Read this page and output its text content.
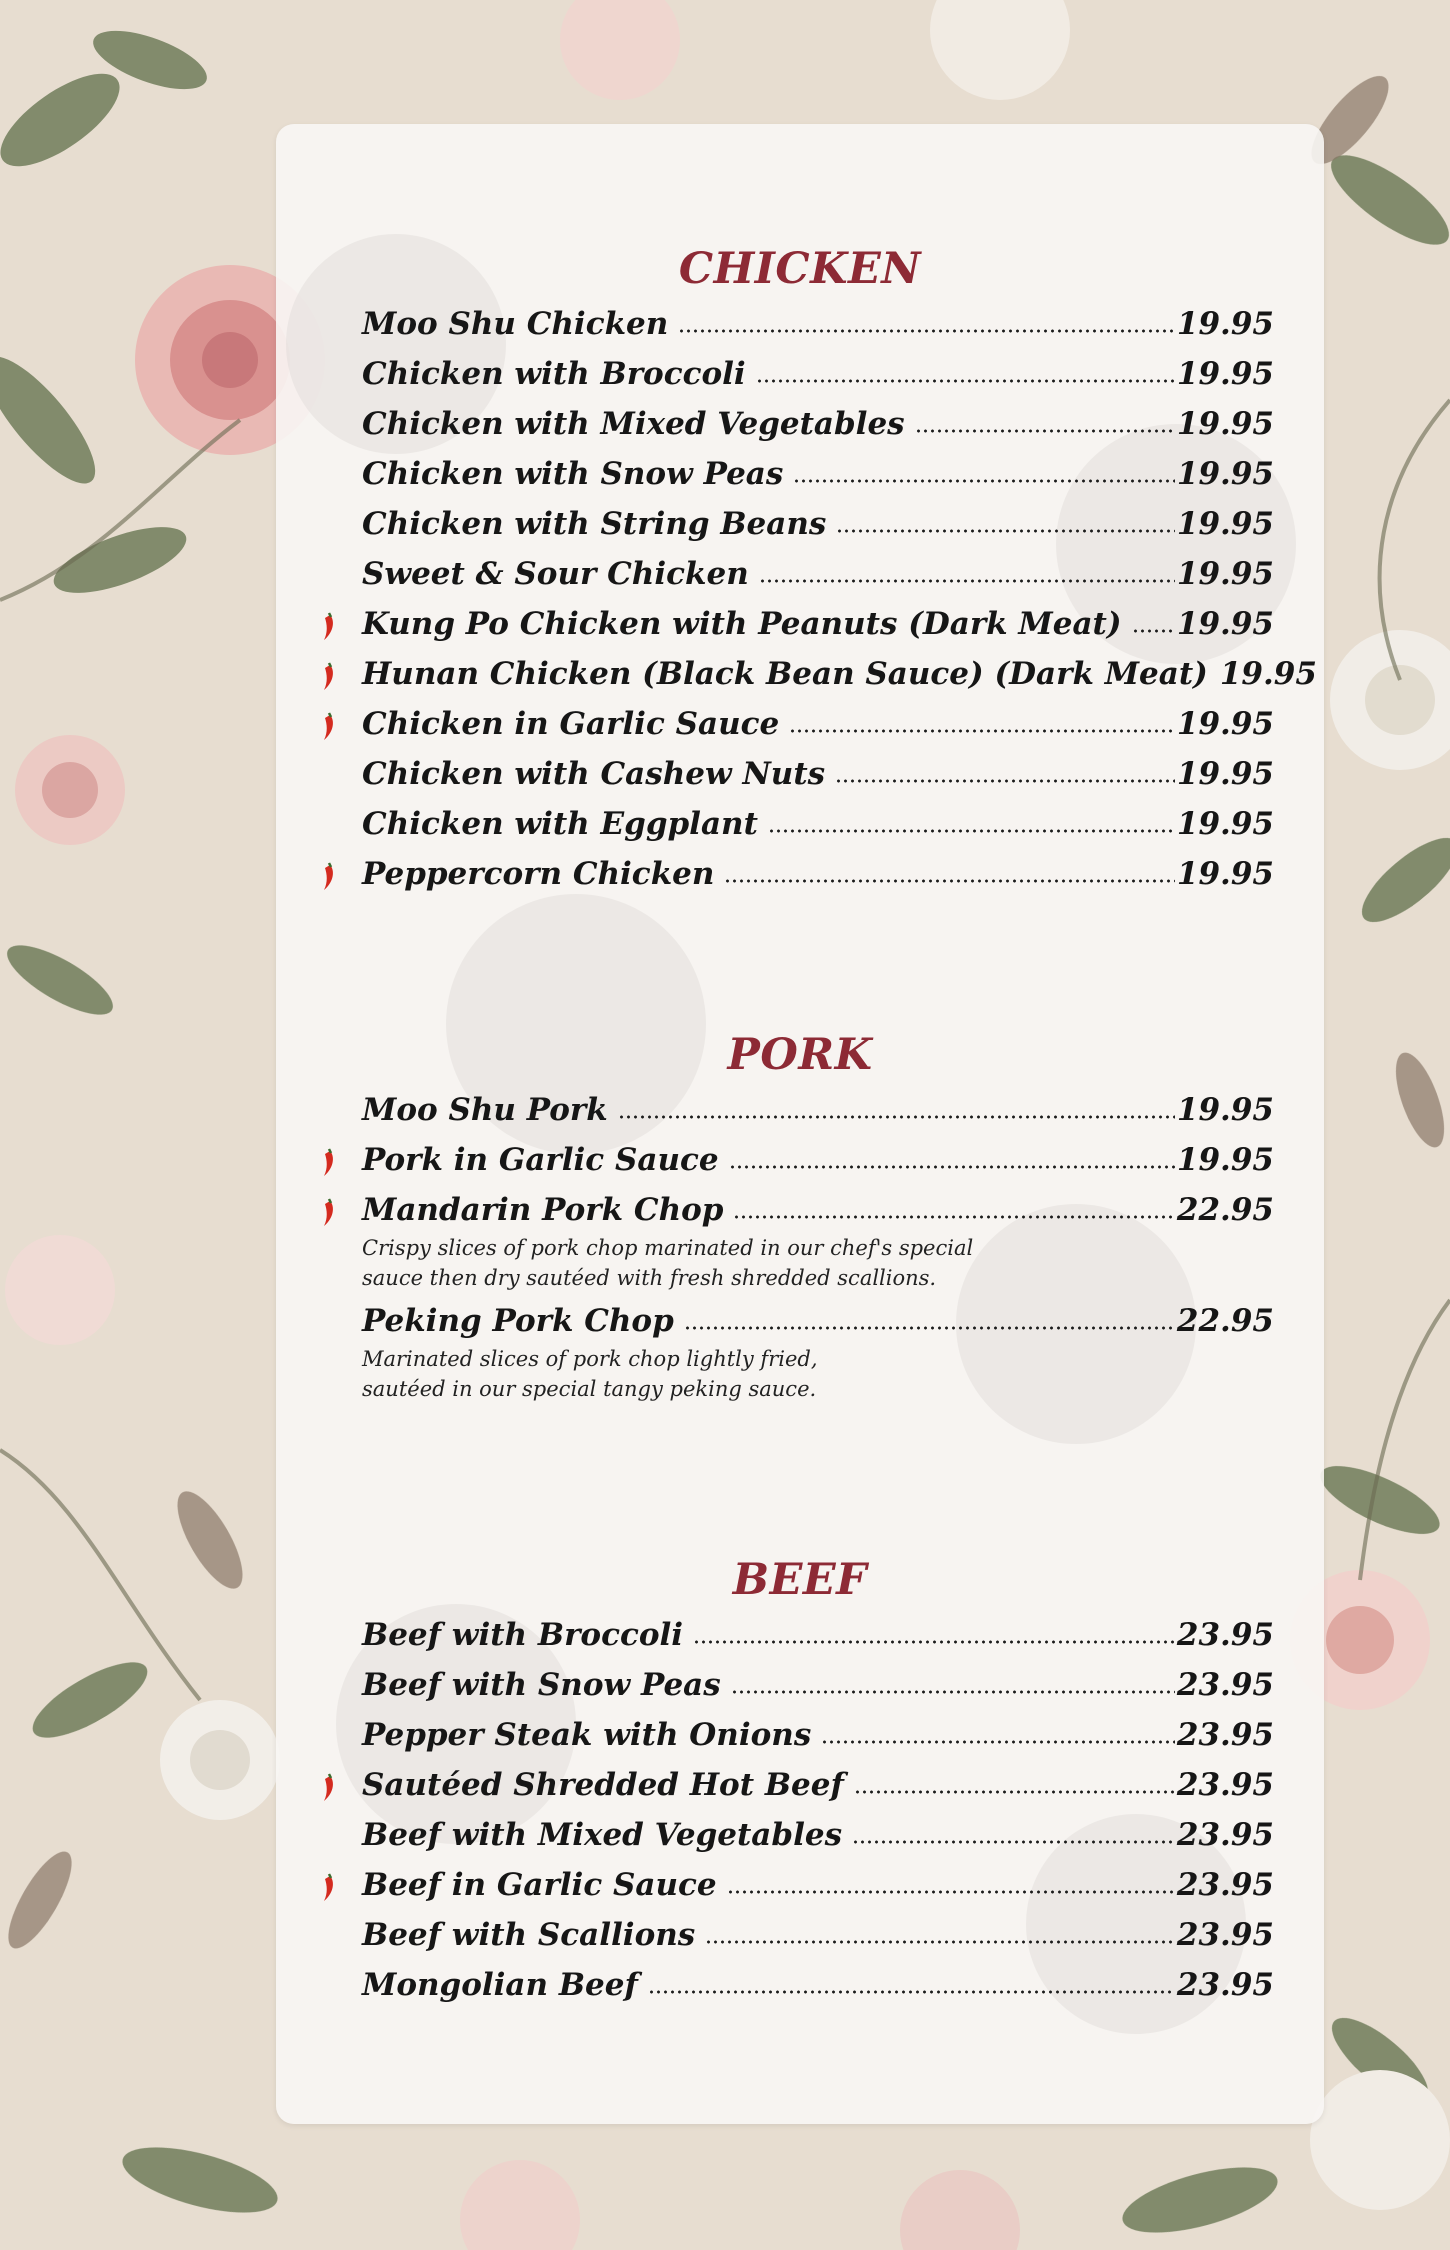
CHICKEN
Moo Shu Chicken	19.95
Chicken with Broccoli	19.95
Chicken with Mixed Vegetables	19.95
Chicken with Snow Peas	19.95
Chicken with String Beans	19.95
Sweet & Sour Chicken	19.95
Kung Po Chicken with Peanuts (Dark Meat)	19.95
Hunan Chicken (Black Bean Sauce) (Dark Meat) 19.95
Chicken in Garlic Sauce	19.95
Chicken with Cashew Nuts	19.95
Chicken with Eggplant	19.95
Peppercorn Chicken	19.95
PORK
Moo Shu Pork	19.95
Pork in Garlic Sauce	19.95
Mandarin Pork Chop	22.95
Crispy slices of pork chop marinated in our chef's special
sauce then dry sautéed with fresh shredded scallions.
Peking Pork Chop	22.95
Marinated slices of pork chop lightly fried,
sautéed in our special tangy peking sauce.
BEEF
Beef with Broccoli	23.95
Beef with Snow Peas	23.95
Pepper Steak with Onions	23.95
Sautéed Shredded Hot Beef	23.95
Beef with Mixed Vegetables	23.95
Beef in Garlic Sauce	23.95
Beef with Scallions	23.95
Mongolian Beef	23.95
